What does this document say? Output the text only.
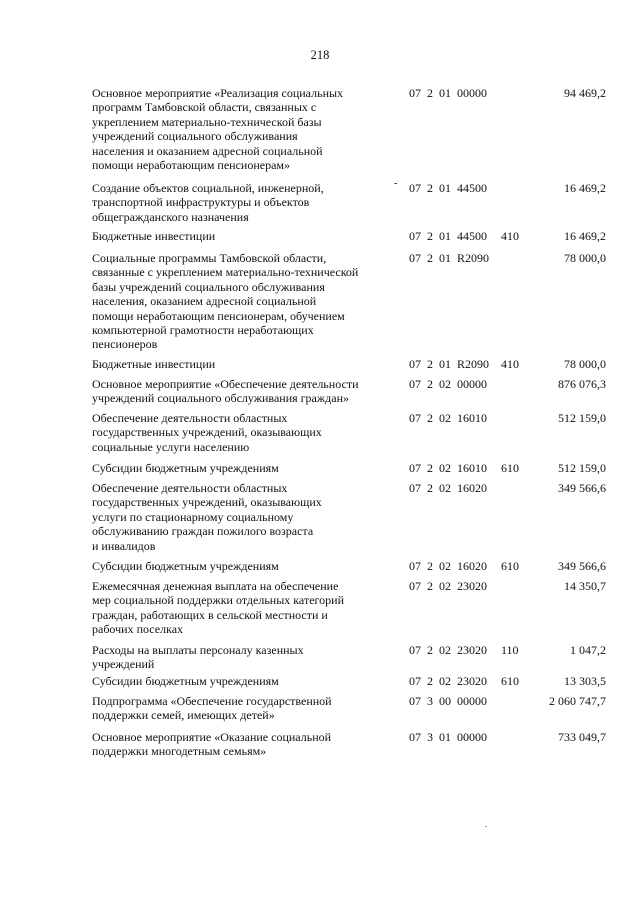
218
Основное мероприятие «Реализация социальных
программ Тамбовской области, связанных с
укреплением материально-технической базы
учреждений социального обслуживания
населения и оказанием адресной социальной
помощи неработающим пенсионерам»
07  2  01  00000	94 469,2
Создание объектов социальной, инженерной,
транспортной инфраструктуры и объектов
общегражданского назначения
- 07  2  01  44500	16 469,2
Бюджетные инвестиции	07  2  01  44500 410	16 469,2
Социальные программы Тамбовской области,
связанные с укреплением материально-технической
базы учреждений социального обслуживания
населения, оказанием адресной социальной
помощи неработающим пенсионерам, обучением
компьютерной грамотности неработающих
пенсионеров
07  2  01  R2090	78 000,0
Бюджетные инвестиции	07  2  01  R2090 410	78 000,0
Основное мероприятие «Обеспечение деятельности
учреждений социального обслуживания граждан»
07  2  02  00000	876 076,3
Обеспечение деятельности областных
государственных учреждений, оказывающих
социальные услуги населению
07  2  02  16010	512 159,0
Субсидии бюджетным учреждениям	07  2  02  16010 610	512 159,0
Обеспечение деятельности областных
государственных учреждений, оказывающих
услуги по стационарному социальному
обслуживанию граждан пожилого возраста
и инвалидов
07  2  02  16020	349 566,6
Субсидии бюджетным учреждениям	07  2  02  16020 610	349 566,6
Ежемесячная денежная выплата на обеспечение
мер социальной поддержки отдельных категорий
граждан, работающих в сельской местности и
рабочих поселках
07  2  02  23020	14 350,7
Расходы на выплаты персоналу казенных
учреждений
07  2  02  23020 110	1 047,2
Субсидии бюджетным учреждениям	07  2  02  23020 610	13 303,5
Подпрограмма «Обеспечение государственной
поддержки семей, имеющих детей»
07  3  00  00000	2 060 747,7
Основное мероприятие «Оказание социальной
поддержки многодетным семьям»
07  3  01  00000	733 049,7
